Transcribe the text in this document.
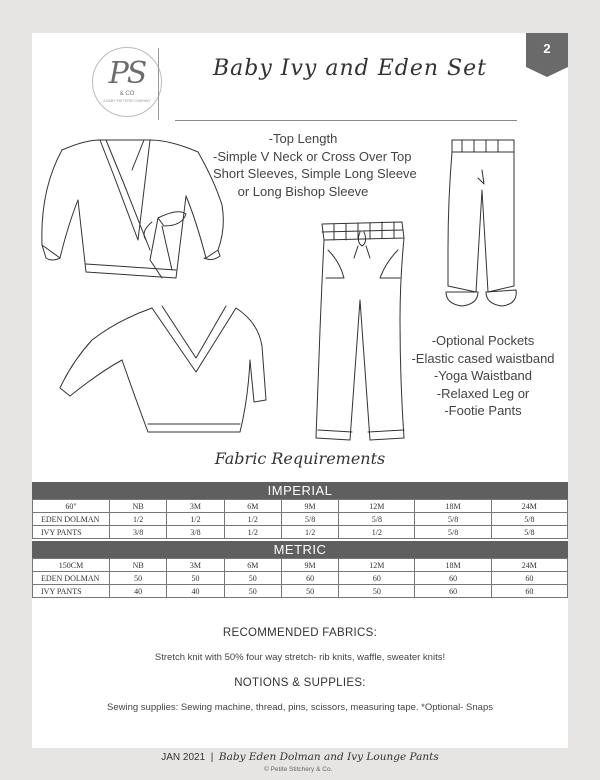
2
PS
& CO
A BABY PATTERN COMPANY
Baby Ivy and Eden Set
-Top Length
-Simple V Neck or Cross Over Top
Short Sleeves, Simple Long Sleeve
or Long Bishop Sleeve
-Optional Pockets
-Elastic cased waistband
-Yoga Waistband
-Relaxed Leg or
-Footie Pants
Fabric Requirements
IMPERIAL
60"	NB	3M	6M	9M	12M	18M	24M
EDEN DOLMAN	1/2	1/2	1/2	5/8	5/8	5/8	5/8
IVY PANTS	3/8	3/8	1/2	1/2	1/2	5/8	5/8
METRIC
150CM	NB	3M	6M	9M	12M	18M	24M
EDEN DOLMAN	50	50	50	60	60	60	60
IVY PANTS	40	40	50	50	50	60	60
RECOMMENDED FABRICS:
Stretch knit with 50% four way stretch- rib knits, waffle, sweater knits!
NOTIONS & SUPPLIES:
Sewing supplies: Sewing machine, thread, pins, scissors, measuring tape. *Optional- Snaps
JAN 2021 | Baby Eden Dolman and Ivy Lounge Pants
© Petite Stitchery & Co.
